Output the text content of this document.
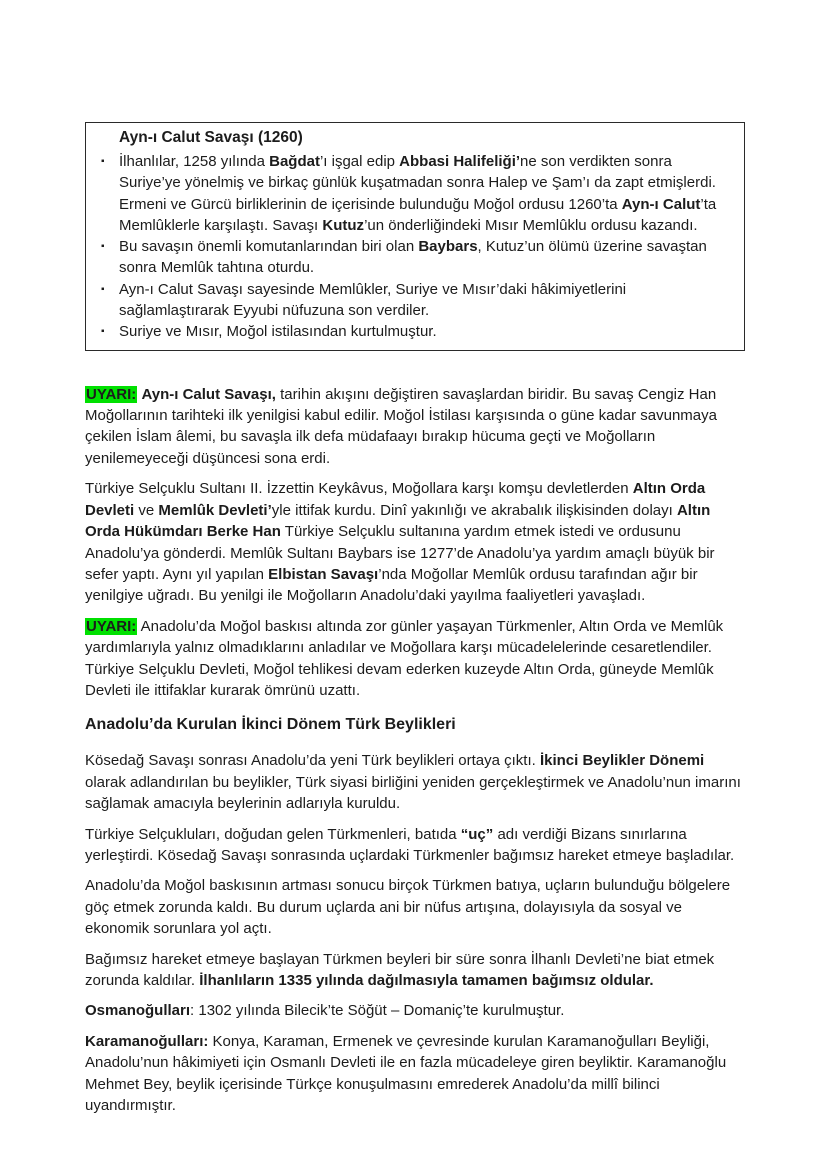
Ayn-ı Calut Savaşı (1260)
▪ İlhanlılar, 1258 yılında Bağdat’ı işgal edip Abbasi Halifeliği’ne son verdikten sonra Suriye’ye yönelmiş ve birkaç günlük kuşatmadan sonra Halep ve Şam’ı da zapt etmişlerdi. Ermeni ve Gürcü birliklerinin de içerisinde bulunduğu Moğol ordusu 1260’ta Ayn-ı Calut’ta Memlûklerle karşılaştı. Savaşı Kutuz’un önderliğindeki Mısır Memlûklu ordusu kazandı.
▪ Bu savaşın önemli komutanlarından biri olan Baybars, Kutuz’un ölümü üzerine savaştan sonra Memlûk tahtına oturdu.
▪ Ayn-ı Calut Savaşı sayesinde Memlûkler, Suriye ve Mısır’daki hâkimiyetlerini sağlamlaştırarak Eyyubi nüfuzuna son verdiler.
▪ Suriye ve Mısır, Moğol istilasından kurtulmuştur.

UYARI: Ayn-ı Calut Savaşı, tarihin akışını değiştiren savaşlardan biridir. Bu savaş Cengiz Han Moğollarının tarihteki ilk yenilgisi kabul edilir. Moğol İstilası karşısında o güne kadar savunmaya çekilen İslam âlemi, bu savaşla ilk defa müdafaayı bırakıp hücuma geçti ve Moğolların yenilemeyeceği düşüncesi sona erdi.

Türkiye Selçuklu Sultanı II. İzzettin Keykâvus, Moğollara karşı komşu devletlerden Altın Orda Devleti ve Memlûk Devleti’yle ittifak kurdu. Dinî yakınlığı ve akrabalık ilişkisinden dolayı Altın Orda Hükümdarı Berke Han Türkiye Selçuklu sultanına yardım etmek istedi ve ordusunu Anadolu’ya gönderdi. Memlûk Sultanı Baybars ise 1277’de Anadolu’ya yardım amaçlı büyük bir sefer yaptı. Aynı yıl yapılan Elbistan Savaşı’nda Moğollar Memlûk ordusu tarafından ağır bir yenilgiye uğradı. Bu yenilgi ile Moğolların Anadolu’daki yayılma faaliyetleri yavaşladı.

UYARI: Anadolu’da Moğol baskısı altında zor günler yaşayan Türkmenler, Altın Orda ve Memlûk yardımlarıyla yalnız olmadıklarını anladılar ve Moğollara karşı mücadelelerinde cesaretlendiler. Türkiye Selçuklu Devleti, Moğol tehlikesi devam ederken kuzeyde Altın Orda, güneyde Memlûk Devleti ile ittifaklar kurarak ömrünü uzattı.

Anadolu’da Kurulan İkinci Dönem Türk Beylikleri

Kösedağ Savaşı sonrası Anadolu’da yeni Türk beylikleri ortaya çıktı. İkinci Beylikler Dönemi olarak adlandırılan bu beylikler, Türk siyasi birliğini yeniden gerçekleştirmek ve Anadolu’nun imarını sağlamak amacıyla beylerinin adlarıyla kuruldu.

Türkiye Selçukluları, doğudan gelen Türkmenleri, batıda “uç” adı verdiği Bizans sınırlarına yerleştirdi. Kösedağ Savaşı sonrasında uçlardaki Türkmenler bağımsız hareket etmeye başladılar.

Anadolu’da Moğol baskısının artması sonucu birçok Türkmen batıya, uçların bulunduğu bölgelere göç etmek zorunda kaldı. Bu durum uçlarda ani bir nüfus artışına, dolayısıyla da sosyal ve ekonomik sorunlara yol açtı.

Bağımsız hareket etmeye başlayan Türkmen beyleri bir süre sonra İlhanlı Devleti’ne biat etmek zorunda kaldılar. İlhanlıların 1335 yılında dağılmasıyla tamamen bağımsız oldular.

Osmanoğulları: 1302 yılında Bilecik’te Söğüt – Domaniç’te kurulmuştur.

Karamanoğulları: Konya, Karaman, Ermenek ve çevresinde kurulan Karamanoğulları Beyliği, Anadolu’nun hâkimiyeti için Osmanlı Devleti ile en fazla mücadeleye giren beyliktir. Karamanoğlu Mehmet Bey, beylik içerisinde Türkçe konuşulmasını emrederek Anadolu’da millî bilinci uyandırmıştır.
